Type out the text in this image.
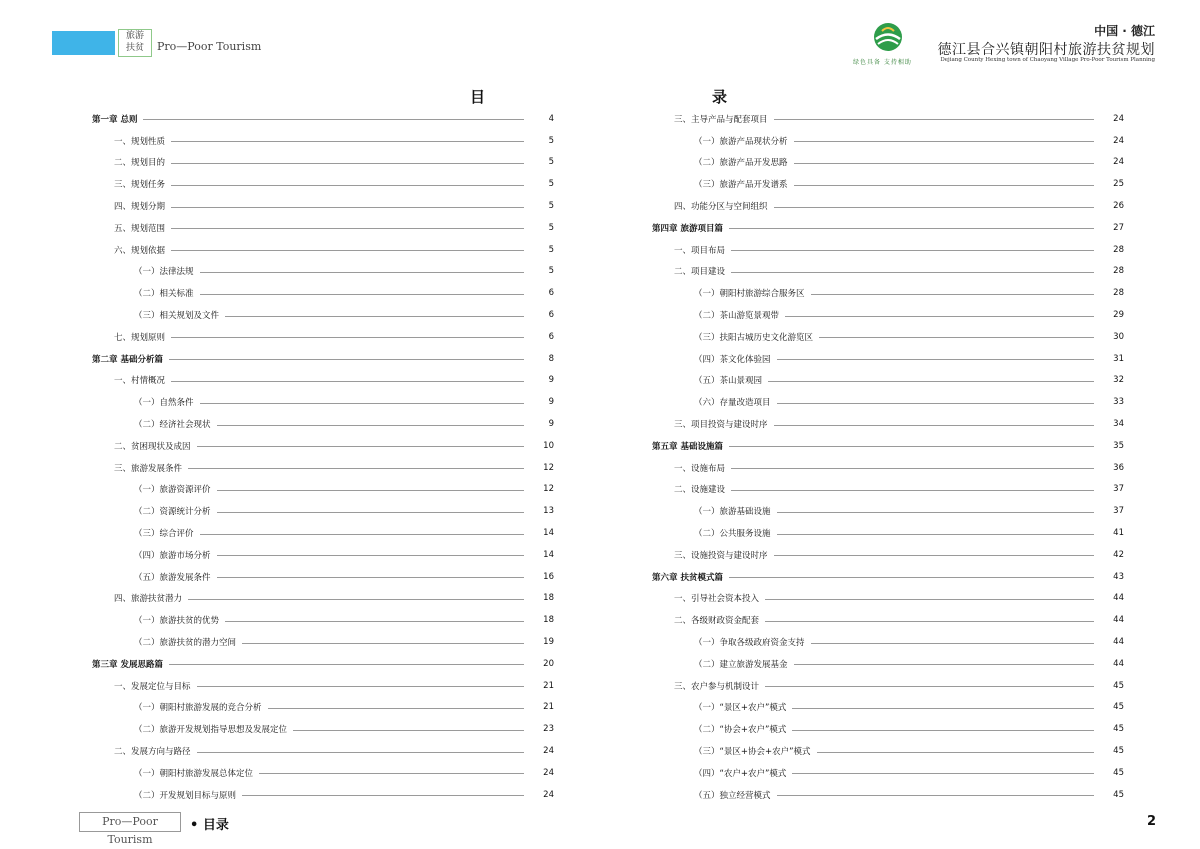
旅游
扶贫	Pro—Poor Tourism
绿色具备 支持相助
中国 · 德江
德江县合兴镇朝阳村旅游扶贫规划
Dejiang County Hexing town of Chaoyang Village Pro-Poor Tourism Planning
目	录
第一章 总则	4
一、规划性质	5
二、规划目的	5
三、规划任务	5
四、规划分期	5
五、规划范围	5
六、规划依据	5
（一）法律法规	5
（二）相关标准	6
（三）相关规划及文件	6
七、规划原则	6
第二章 基础分析篇	8
一、村情概况	9
（一）自然条件	9
（二）经济社会现状	9
二、贫困现状及成因	10
三、旅游发展条件	12
（一）旅游资源评价	12
（二）资源统计分析	13
（三）综合评价	14
（四）旅游市场分析	14
（五）旅游发展条件	16
四、旅游扶贫潜力	18
（一）旅游扶贫的优势	18
（二）旅游扶贫的潜力空间	19
第三章 发展思路篇	20
一、发展定位与目标	21
（一）朝阳村旅游发展的竞合分析	21
（二）旅游开发规划指导思想及发展定位	23
二、发展方向与路径	24
（一）朝阳村旅游发展总体定位	24
（二）开发规划目标与原则	24
三、主导产品与配套项目	24
（一）旅游产品现状分析	24
（二）旅游产品开发思路	24
（三）旅游产品开发谱系	25
四、功能分区与空间组织	26
第四章 旅游项目篇	27
一、项目布局	28
二、项目建设	28
（一）朝阳村旅游综合服务区	28
（二）茶山游览景观带	29
（三）扶阳古城历史文化游览区	30
（四）茶文化体验园	31
（五）茶山景观园	32
（六）存量改造项目	33
三、项目投资与建设时序	34
第五章 基础设施篇	35
一、设施布局	36
二、设施建设	37
（一）旅游基础设施	37
（二）公共服务设施	41
三、设施投资与建设时序	42
第六章 扶贫模式篇	43
一、引导社会资本投入	44
二、各级财政资金配套	44
（一）争取各级政府资金支持	44
（二）建立旅游发展基金	44
三、农户参与机制设计	45
（一）“景区+农户”模式	45
（二）“协会+农户”模式	45
（三）“景区+协会+农户”模式	45
（四）“农户+农户”模式	45
（五）独立经营模式	45
Pro—Poor Tourism
• 目录	2
